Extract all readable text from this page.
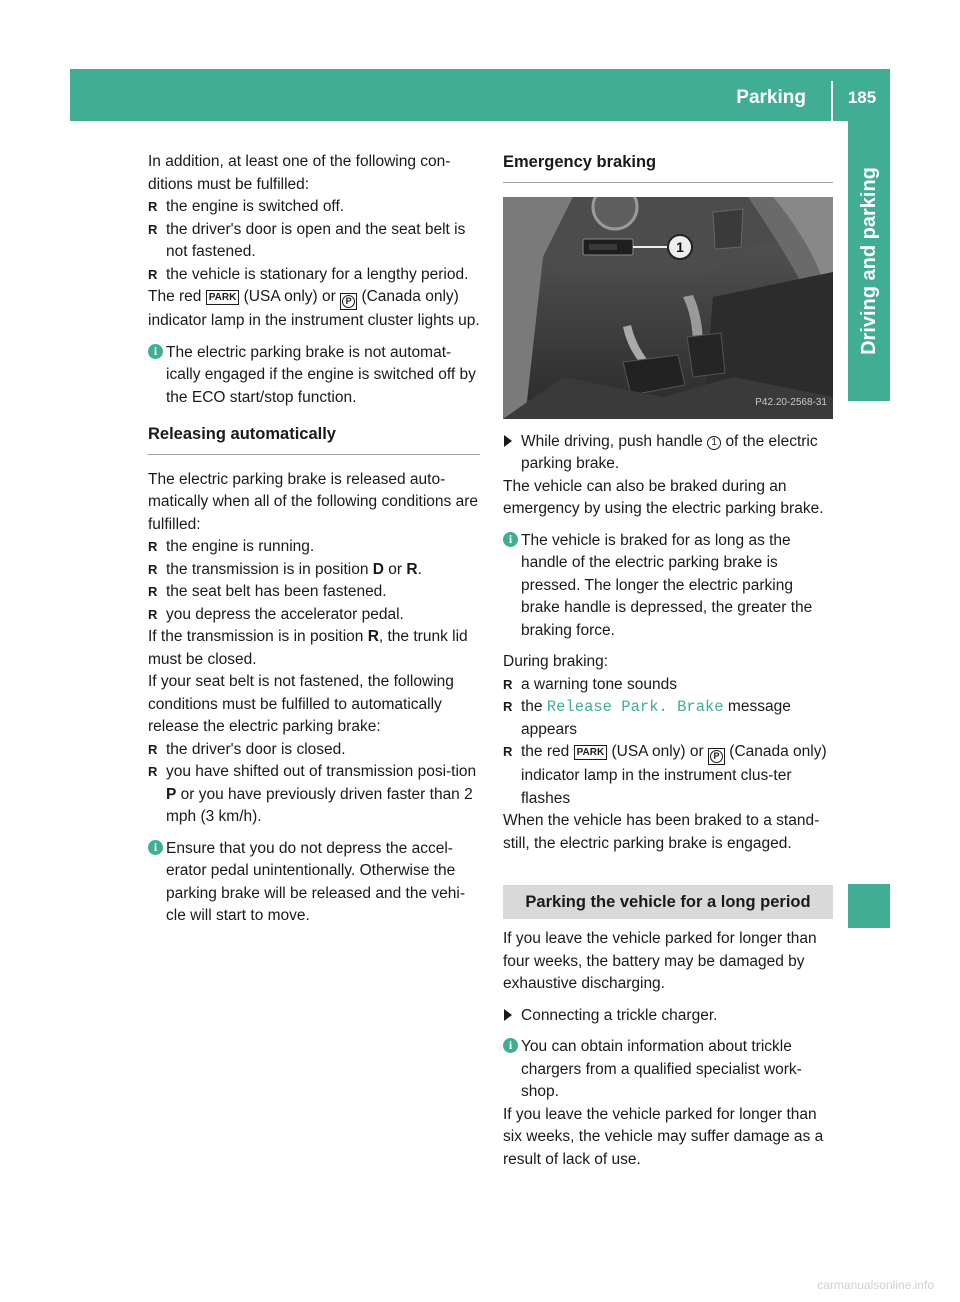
Parking	185
Driving and parking

In addition, at least one of the following con-ditions must be fulfilled:

R the engine is switched off.

R the driver's door is open and the seat belt is not fastened.

R the vehicle is stationary for a lengthy period.

The red PARK (USA only) or P (Canada only) indicator lamp in the instrument cluster lights up.

i The electric parking brake is not automat-ically engaged if the engine is switched off by the ECO start/stop function.
Releasing automatically

The electric parking brake is released auto-matically when all of the following conditions are fulfilled:

R the engine is running.

R the transmission is in position D or R.

R the seat belt has been fastened.

R you depress the accelerator pedal.

If the transmission is in position R, the trunk lid must be closed.

If your seat belt is not fastened, the following conditions must be fulfilled to automatically release the electric parking brake:

R the driver's door is closed.

R you have shifted out of transmission posi-tion P or you have previously driven faster than 2 mph (3 km/h).

i Ensure that you do not depress the accel-erator pedal unintentionally. Otherwise the parking brake will be released and the vehi-cle will start to move.
Emergency braking
1
P42.20-2568-31

While driving, push handle 1 of the electric parking brake.

The vehicle can also be braked during an emergency by using the electric parking brake.

i The vehicle is braked for as long as the handle of the electric parking brake is pressed. The longer the electric parking brake handle is depressed, the greater the braking force.

During braking:

R a warning tone sounds

R the Release Park. Brake message appears

R the red PARK (USA only) or P (Canada only) indicator lamp in the instrument clus-ter flashes

When the vehicle has been braked to a stand-still, the electric parking brake is engaged.

Parking the vehicle for a long period

If you leave the vehicle parked for longer than four weeks, the battery may be damaged by exhaustive discharging.

Connecting a trickle charger.

i You can obtain information about trickle chargers from a qualified specialist work-shop.

If you leave the vehicle parked for longer than six weeks, the vehicle may suffer damage as a result of lack of use.

carmanualsonline.info
